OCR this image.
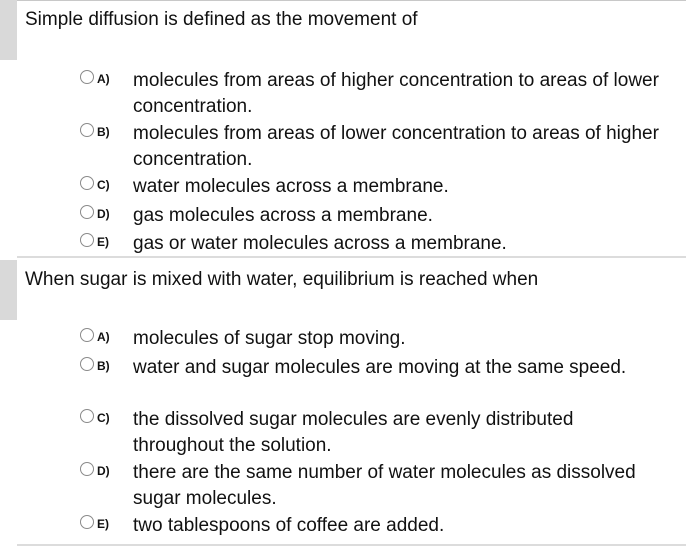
Simple diffusion is defined as the movement of
A) molecules from areas of higher concentration to areas of lower concentration.
B) molecules from areas of lower concentration to areas of higher concentration.
C) water molecules across a membrane.
D) gas molecules across a membrane.
E) gas or water molecules across a membrane.
When sugar is mixed with water, equilibrium is reached when
A) molecules of sugar stop moving.
B) water and sugar molecules are moving at the same speed.
C) the dissolved sugar molecules are evenly distributed throughout the solution.
D) there are the same number of water molecules as dissolved sugar molecules.
E) two tablespoons of coffee are added.
